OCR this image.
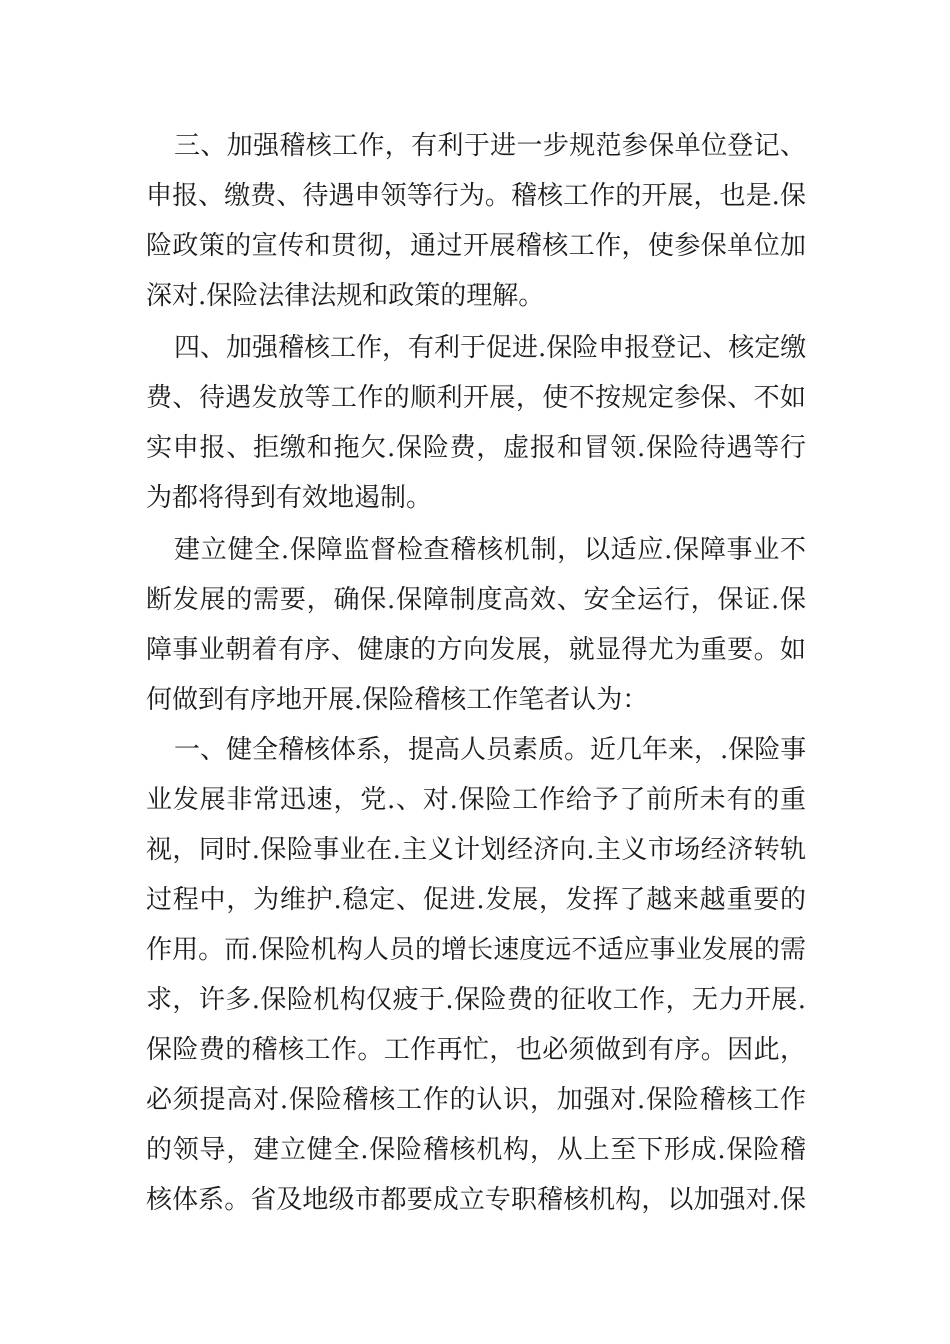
三、加强稽核工作，有利于进一步规范参保单位登记、
申报、缴费、待遇申领等行为。稽核工作的开展，也是.保
险政策的宣传和贯彻，通过开展稽核工作，使参保单位加
深对.保险法律法规和政策的理解。
四、加强稽核工作，有利于促进.保险申报登记、核定缴
费、待遇发放等工作的顺利开展，使不按规定参保、不如
实申报、拒缴和拖欠.保险费，虚报和冒领.保险待遇等行
为都将得到有效地遏制。
建立健全.保障监督检查稽核机制，以适应.保障事业不
断发展的需要，确保.保障制度高效、安全运行，保证.保
障事业朝着有序、健康的方向发展，就显得尤为重要。如
何做到有序地开展.保险稽核工作笔者认为：
一、健全稽核体系，提高人员素质。近几年来，.保险事
业发展非常迅速，党.、对.保险工作给予了前所未有的重
视，同时.保险事业在.主义计划经济向.主义市场经济转轨
过程中，为维护.稳定、促进.发展，发挥了越来越重要的
作用。而.保险机构人员的增长速度远不适应事业发展的需
求，许多.保险机构仅疲于.保险费的征收工作，无力开展.
保险费的稽核工作。工作再忙，也必须做到有序。因此，
必须提高对.保险稽核工作的认识，加强对.保险稽核工作
的领导，建立健全.保险稽核机构，从上至下形成.保险稽
核体系。省及地级市都要成立专职稽核机构，以加强对.保
